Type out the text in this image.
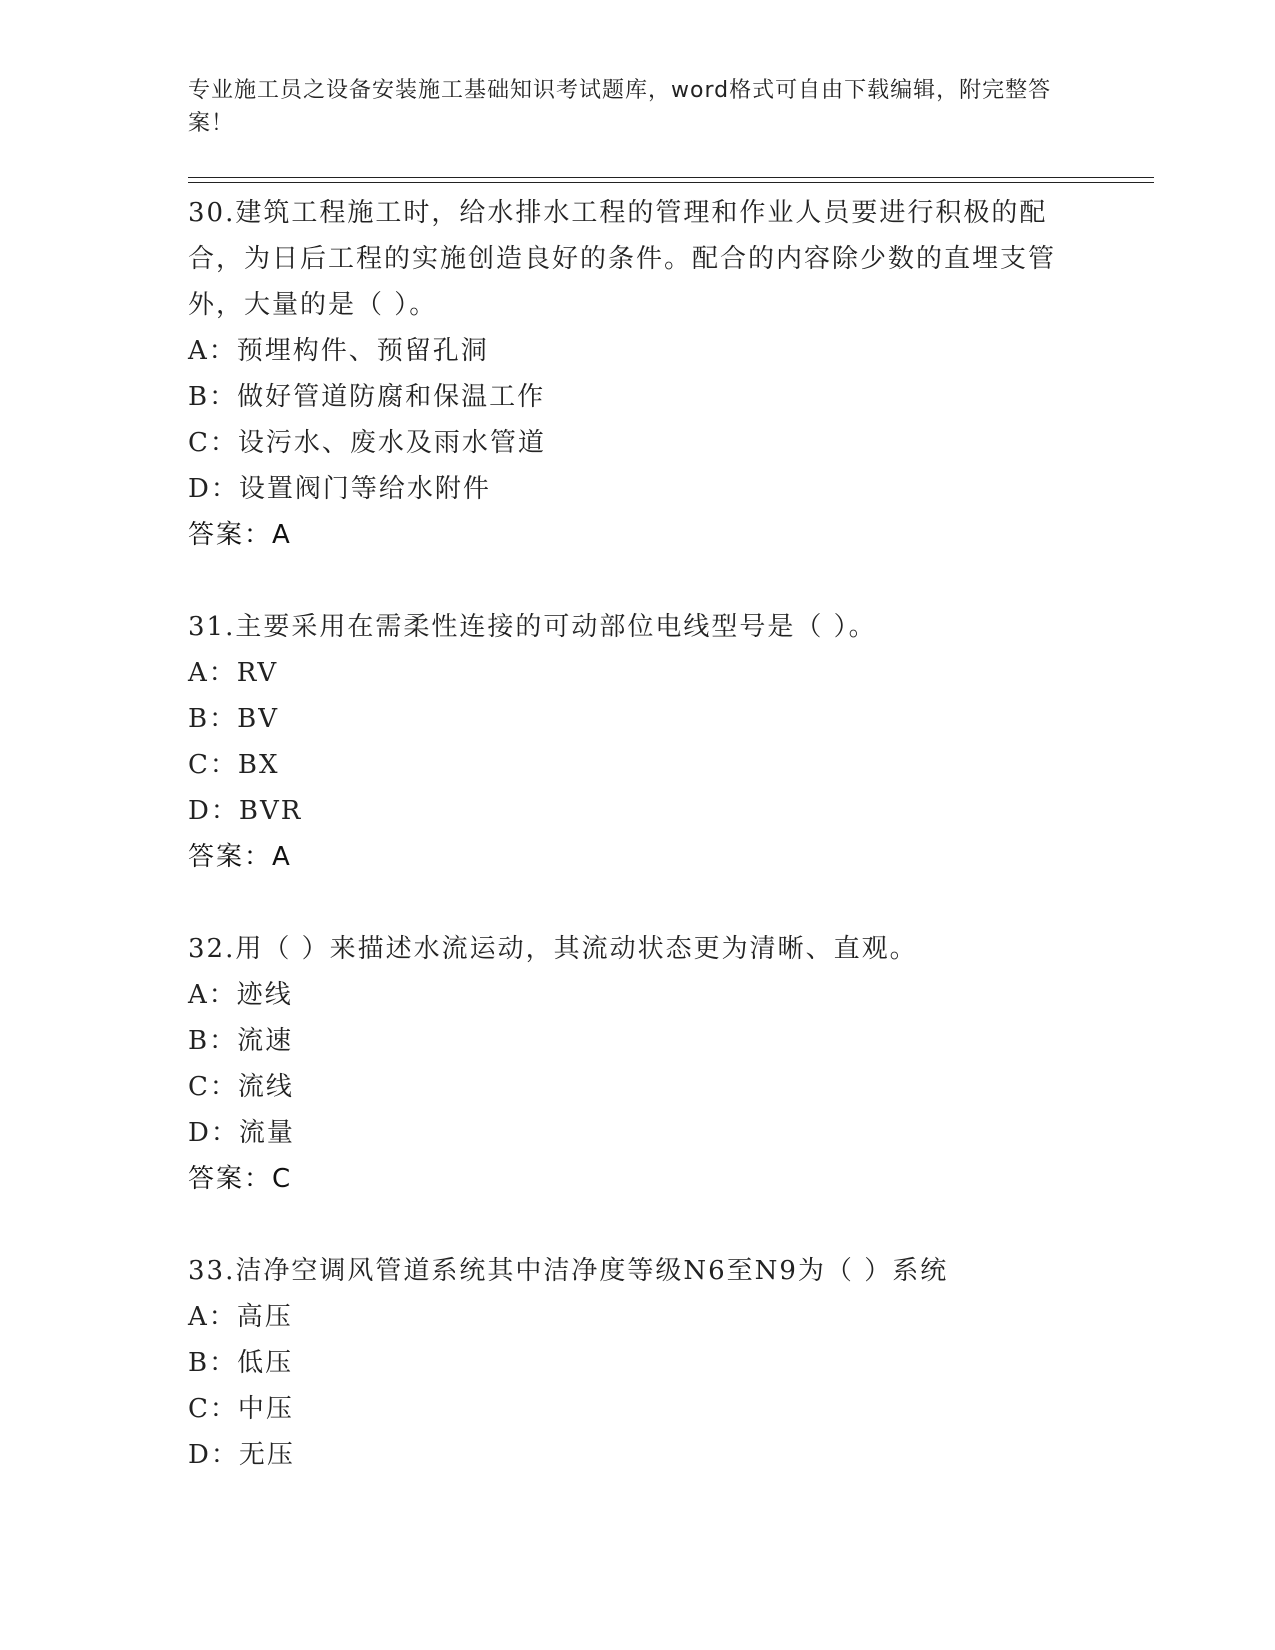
专业施工员之设备安装施工基础知识考试题库，word格式可自由下载编辑，附完整答案！
30.建筑工程施工时，给水排水工程的管理和作业人员要进行积极的配合，为日后工程的实施创造良好的条件。配合的内容除少数的直埋支管外，大量的是（ ）。
A：预埋构件、预留孔洞
B：做好管道防腐和保温工作
C：设污水、废水及雨水管道
D：设置阀门等给水附件
答案：A
31.主要采用在需柔性连接的可动部位电线型号是（ ）。
A：RV
B：BV
C：BX
D：BVR
答案：A
32.用（ ）来描述水流运动，其流动状态更为清晰、直观。
A：迹线
B：流速
C：流线
D：流量
答案：C
33.洁净空调风管道系统其中洁净度等级N6至N9为（ ）系统
A：高压
B：低压
C：中压
D：无压
